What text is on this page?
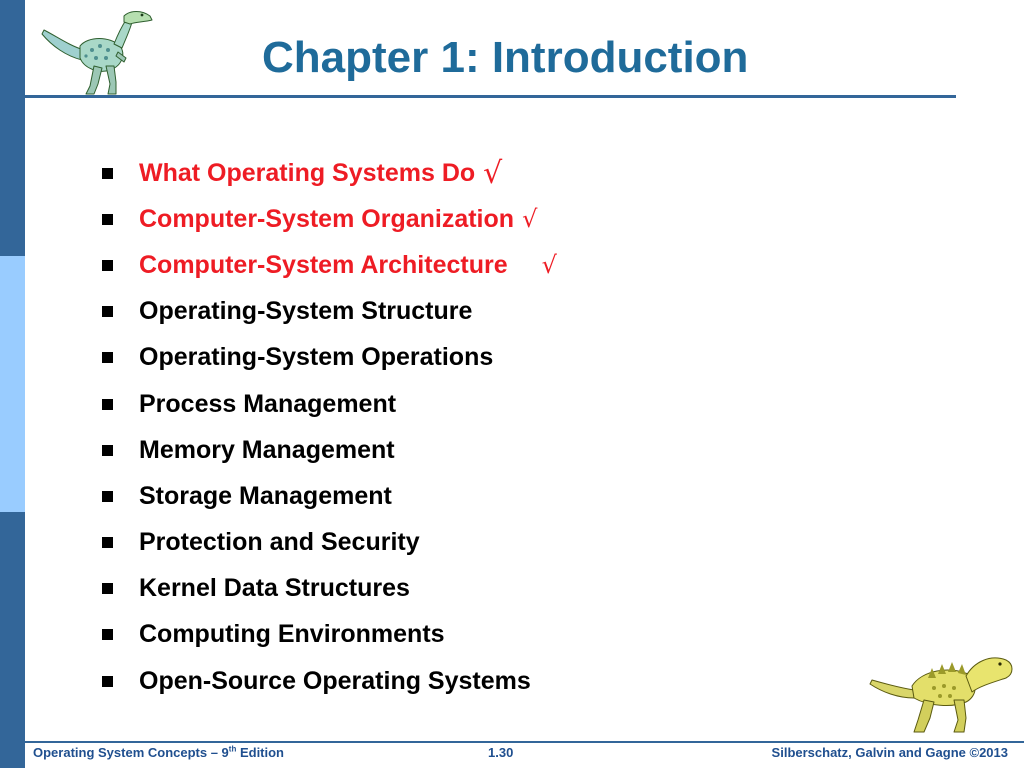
Chapter 1: Introduction
What Operating Systems Do √
Computer-System Organization √
Computer-System Architecture √
Operating-System Structure
Operating-System Operations
Process Management
Memory Management
Storage Management
Protection and Security
Kernel Data Structures
Computing Environments
Open-Source Operating Systems
Operating System Concepts – 9th Edition	1.30	Silberschatz, Galvin and Gagne ©2013
